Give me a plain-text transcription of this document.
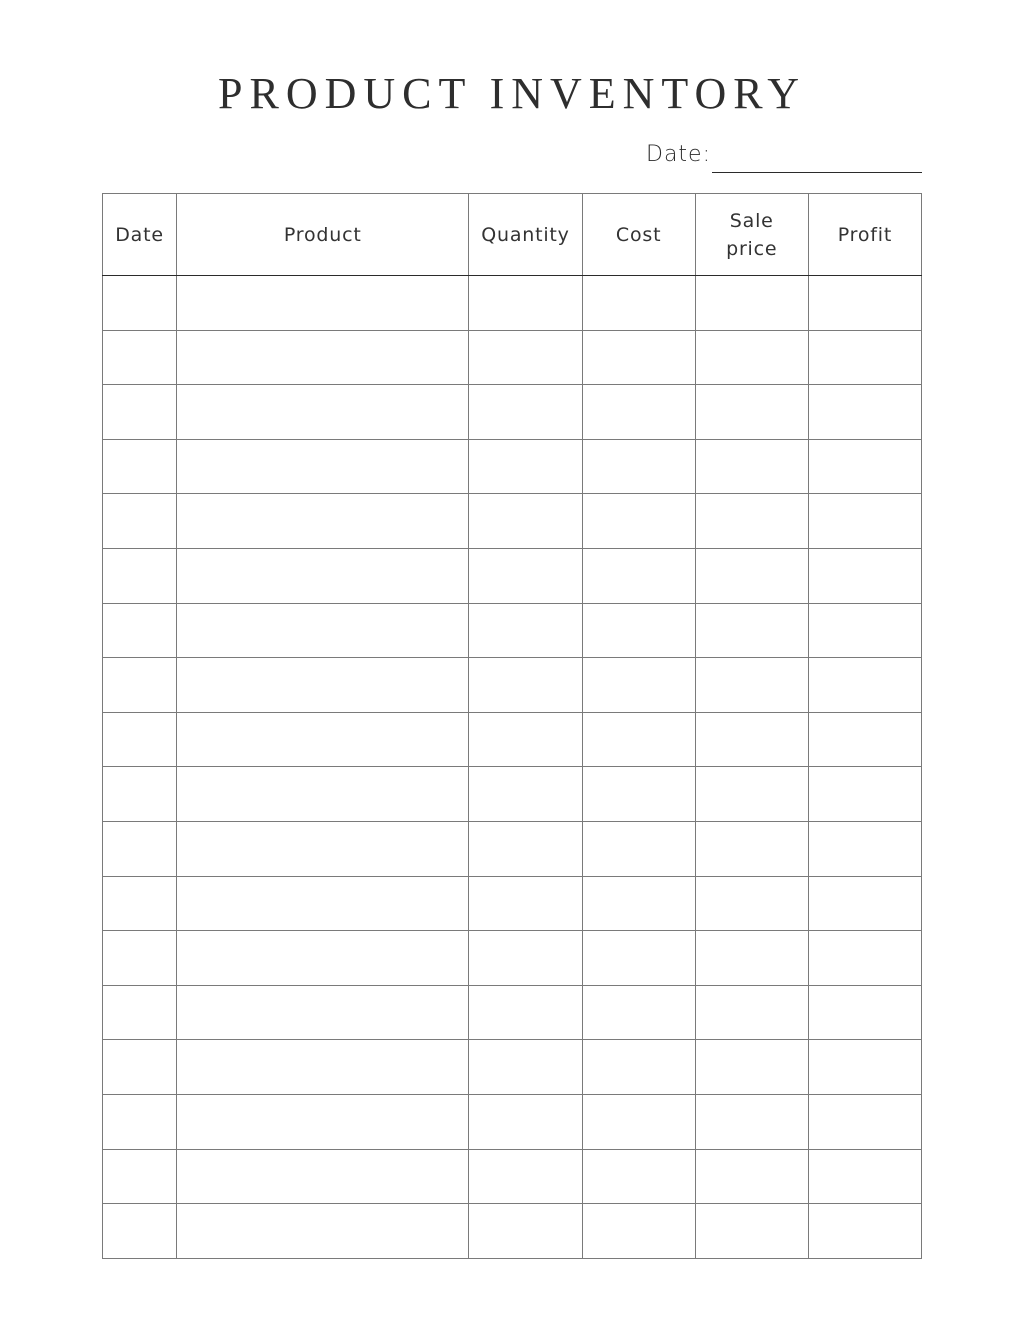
PRODUCT INVENTORY
Date:
Date	Product	Quantity	Cost	Sale price	Profit
